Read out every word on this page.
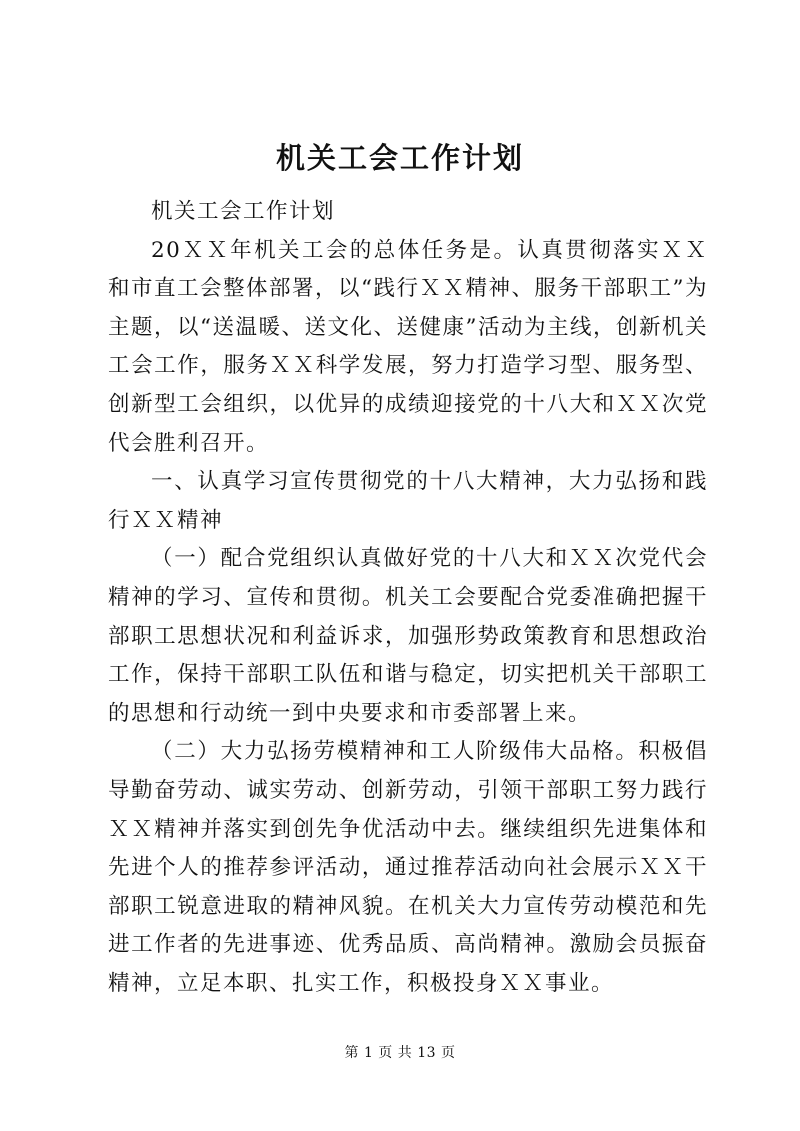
机关工会工作计划

机关工会工作计划

20ＸＸ年机关工会的总体任务是。认真贯彻落实ＸＸ和市直工会整体部署，以“践行ＸＸ精神、服务干部职工”为主题，以“送温暖、送文化、送健康”活动为主线，创新机关工会工作，服务ＸＸ科学发展，努力打造学习型、服务型、创新型工会组织，以优异的成绩迎接党的十八大和ＸＸ次党代会胜利召开。

一、认真学习宣传贯彻党的十八大精神，大力弘扬和践行ＸＸ精神

（一）配合党组织认真做好党的十八大和ＸＸ次党代会精神的学习、宣传和贯彻。机关工会要配合党委准确把握干部职工思想状况和利益诉求，加强形势政策教育和思想政治工作，保持干部职工队伍和谐与稳定，切实把机关干部职工的思想和行动统一到中央要求和市委部署上来。

（二）大力弘扬劳模精神和工人阶级伟大品格。积极倡导勤奋劳动、诚实劳动、创新劳动，引领干部职工努力践行ＸＸ精神并落实到创先争优活动中去。继续组织先进集体和先进个人的推荐参评活动，通过推荐活动向社会展示ＸＸ干部职工锐意进取的精神风貌。在机关大力宣传劳动模范和先进工作者的先进事迹、优秀品质、高尚精神。激励会员振奋精神，立足本职、扎实工作，积极投身ＸＸ事业。

第 1 页 共 13 页
